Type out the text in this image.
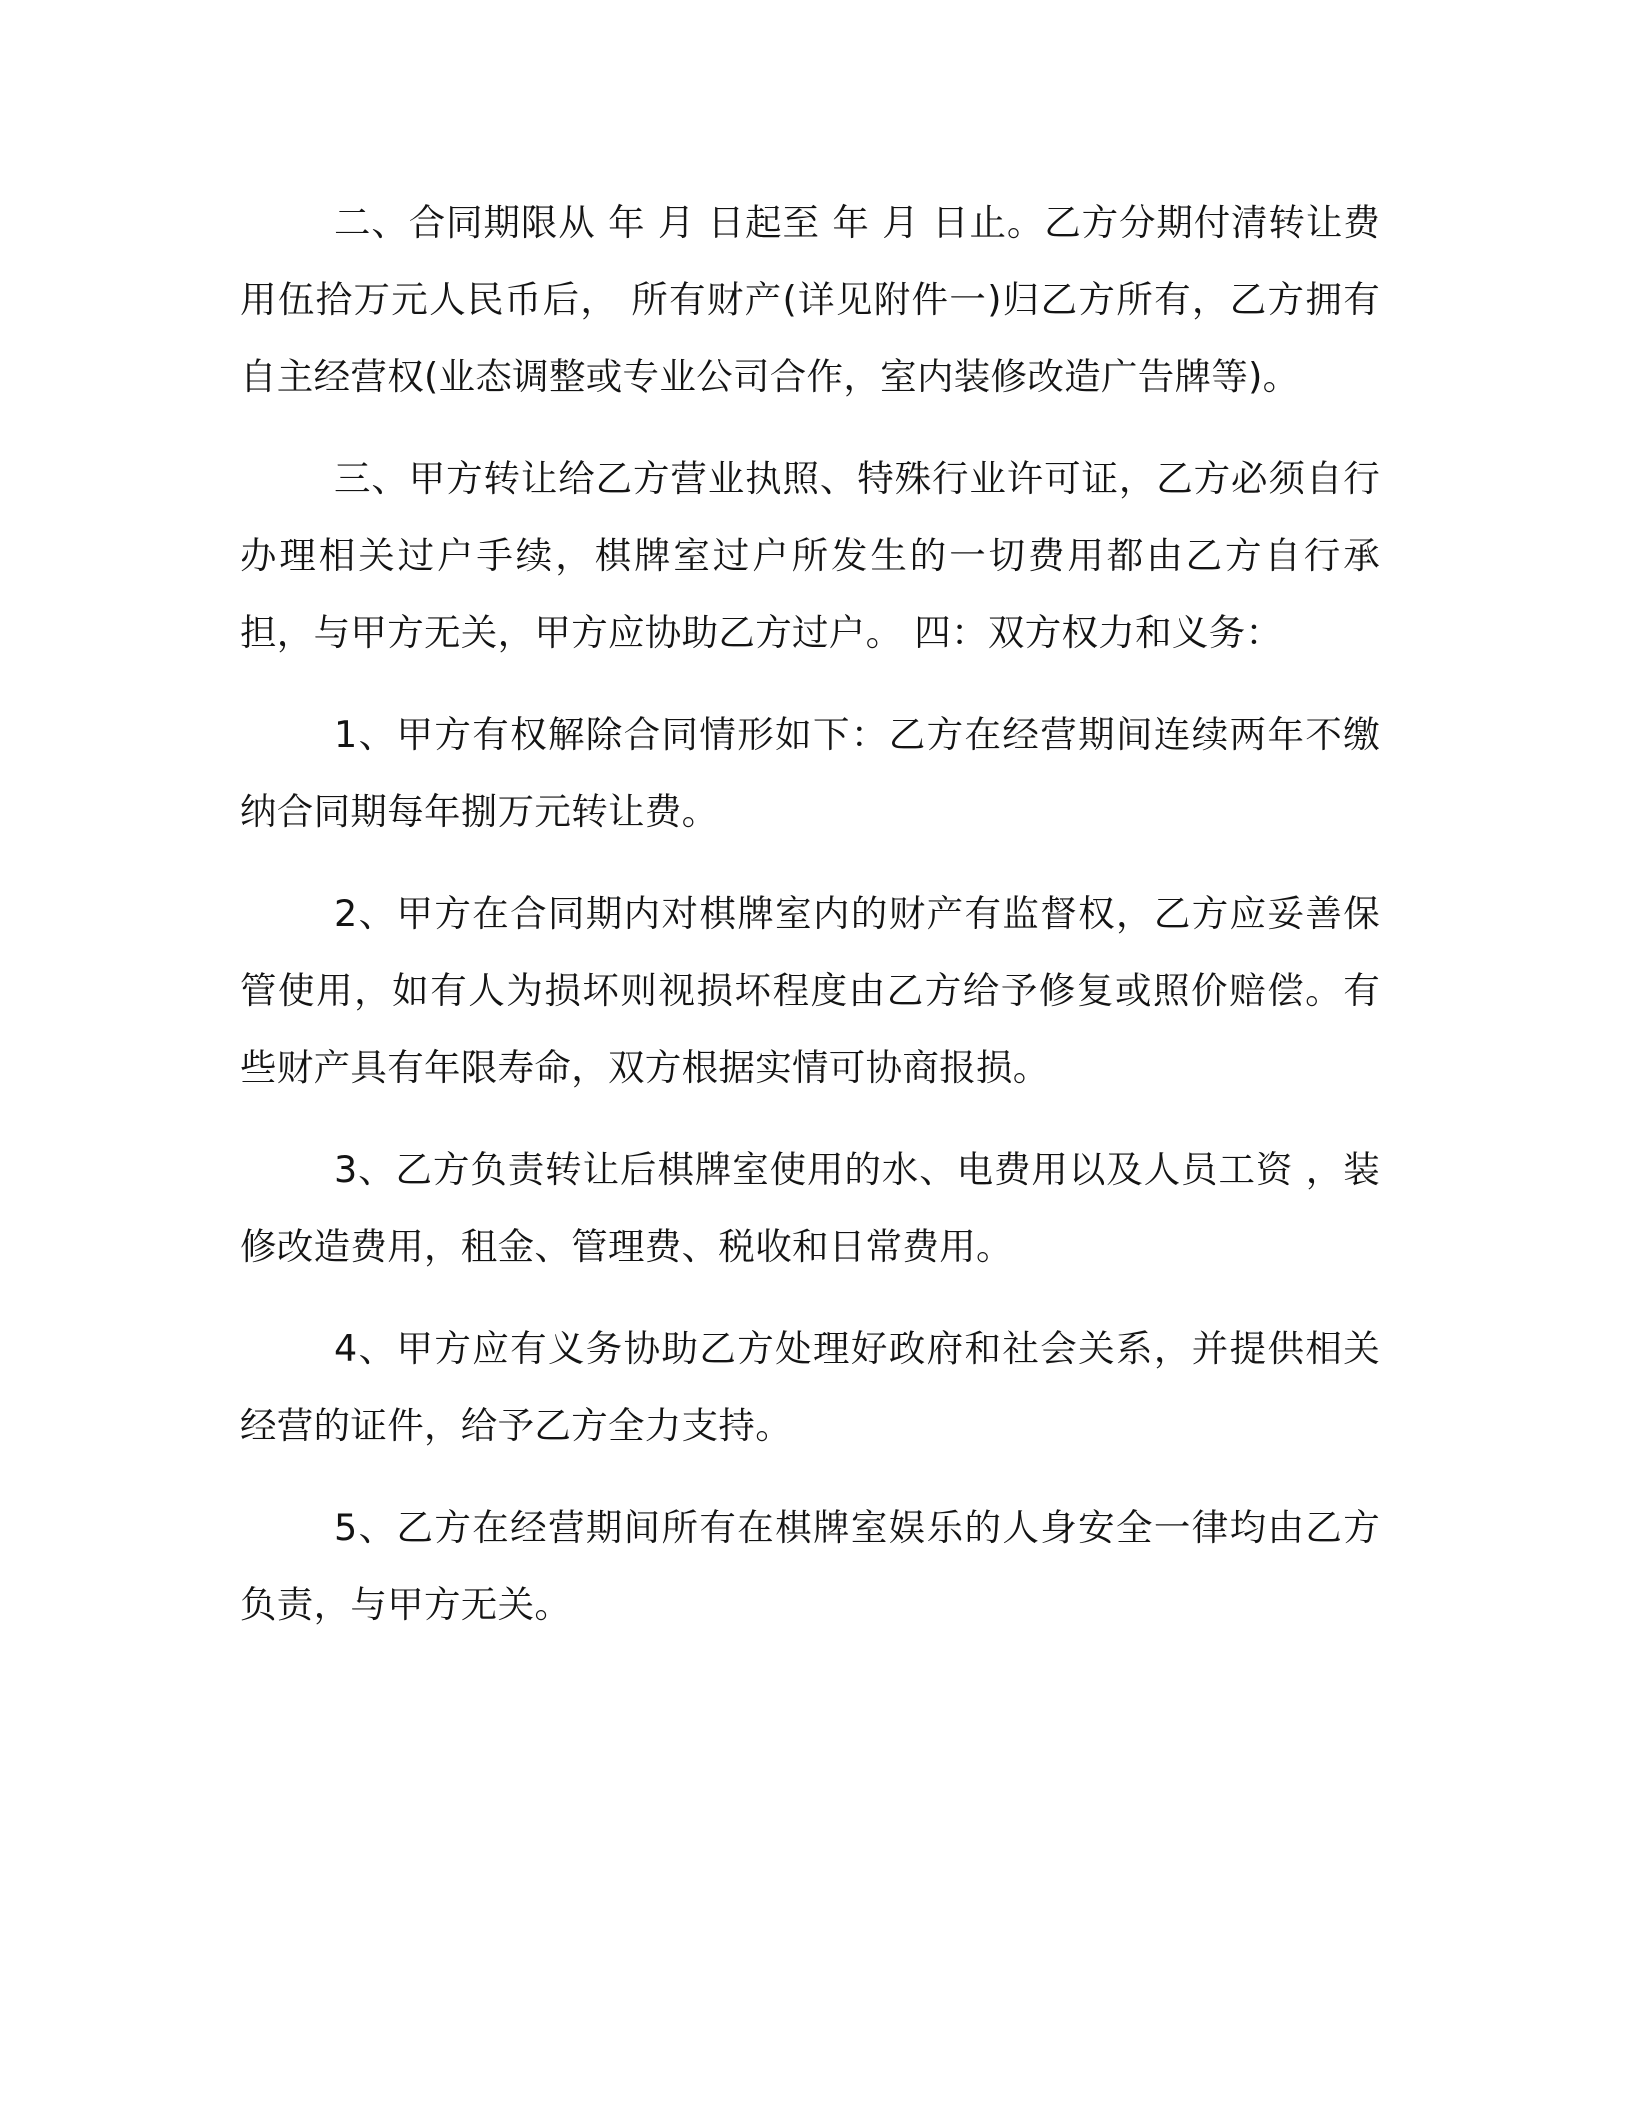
二、合同期限从 年 月 日起至 年 月 日止。乙方分期付清转让费用伍拾万元人民币后， 所有财产(详见附件一)归乙方所有，乙方拥有自主经营权(业态调整或专业公司合作，室内装修改造广告牌等)。

三、甲方转让给乙方营业执照、特殊行业许可证，乙方必须自行办理相关过户手续，棋牌室过户所发生的一切费用都由乙方自行承担，与甲方无关，甲方应协助乙方过户。 四：双方权力和义务：

1、甲方有权解除合同情形如下：乙方在经营期间连续两年不缴纳合同期每年捌万元转让费。

2、甲方在合同期内对棋牌室内的财产有监督权，乙方应妥善保管使用，如有人为损坏则视损坏程度由乙方给予修复或照价赔偿。有些财产具有年限寿命，双方根据实情可协商报损。

3、乙方负责转让后棋牌室使用的水、电费用以及人员工资 ，装修改造费用，租金、管理费、税收和日常费用。

4、甲方应有义务协助乙方处理好政府和社会关系，并提供相关经营的证件，给予乙方全力支持。

5、乙方在经营期间所有在棋牌室娱乐的人身安全一律均由乙方负责，与甲方无关。
